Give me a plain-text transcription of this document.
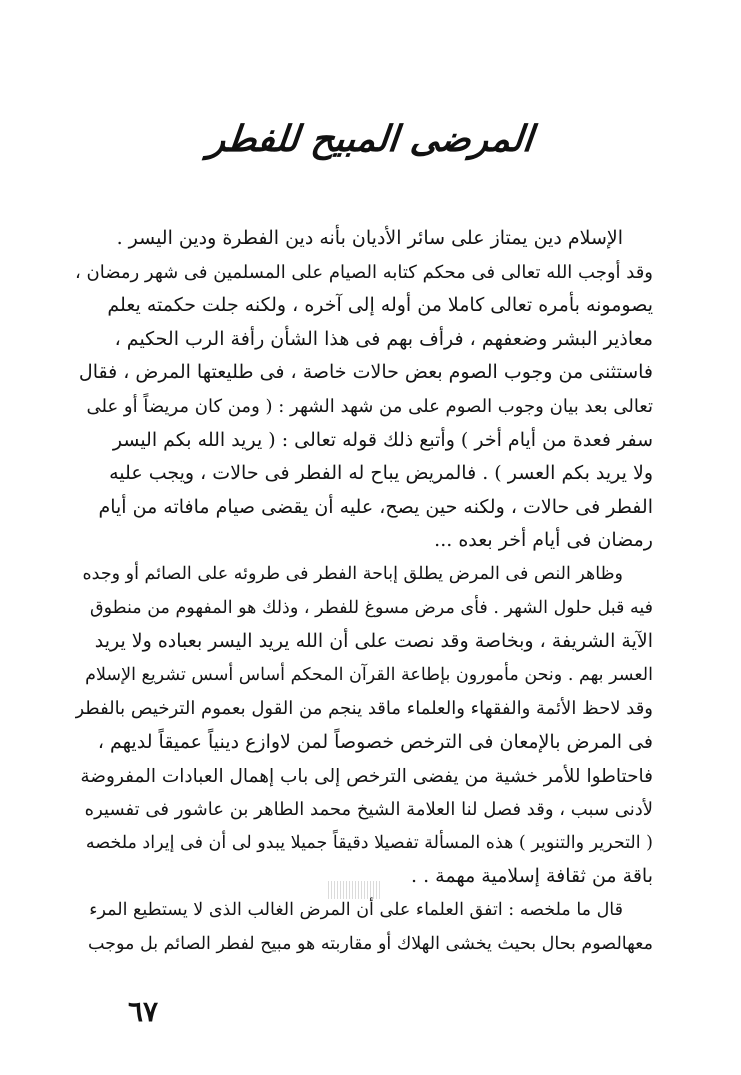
المرضى المبيح للفطر
الإسلام دين يمتاز على سائر الأديان بأنه دين الفطرة ودين اليسر .
وقد أوجب الله تعالى فى محكم كتابه الصيام على المسلمين فى شهر رمضان ،
يصومونه بأمره تعالى كاملا من أوله إلى آخره ، ولكنه جلت حكمته يعلم
معاذير البشر وضعفهم ، فرأف بهم فى هذا الشأن رأفة الرب الحكيم ،
فاستثنى من وجوب الصوم بعض حالات خاصة ، فى طليعتها المرض ، فقال
تعالى بعد بيان وجوب الصوم على من شهد الشهر : ( ومن كان مريضاً أو على
سفر فعدة من أيام أخر ) وأتبع ذلك قوله تعالى : ( يريد الله بكم اليسر
ولا يريد بكم العسر ) . فالمريض يباح له الفطر فى حالات ، ويجب عليه
الفطر فى حالات ، ولكنه حين يصح، عليه أن يقضى صيام مافاته من أيام
رمضان فى أيام أخر بعده ...
وظاهر النص فى المرض يطلق إباحة الفطر فى طروئه على الصائم أو وجده
فيه قبل حلول الشهر . فأى مرض مسوغ للفطر ، وذلك هو المفهوم من منطوق
الآية الشريفة ، وبخاصة وقد نصت على أن الله يريد اليسر بعباده ولا يريد
العسر بهم . ونحن مأمورون بإطاعة القرآن المحكم أساس أسس تشريع الإسلام
وقد لاحظ الأئمة والفقهاء والعلماء ماقد ينجم من القول بعموم الترخيص بالفطر
فى المرض بالإمعان فى الترخص خصوصاً لمن لاوازع دينياً عميقاً لديهم ،
فاحتاطوا للأمر خشية من يفضى الترخص إلى باب إهمال العبادات المفروضة
لأدنى سبب ، وقد فصل لنا العلامة الشيخ محمد الطاهر بن عاشور فى تفسيره
( التحرير والتنوير ) هذه المسألة تفصيلا دقيقاً جميلا يبدو لى أن فى إيراد ملخصه
باقة من ثقافة إسلامية مهمة . .
قال ما ملخصه : اتفق العلماء على أن المرض الغالب الذى لا يستطيع المرء
معهالصوم بحال بحيث يخشى الهلاك أو مقاربته هو مبيح لفطر الصائم بل موجب
٦٧
